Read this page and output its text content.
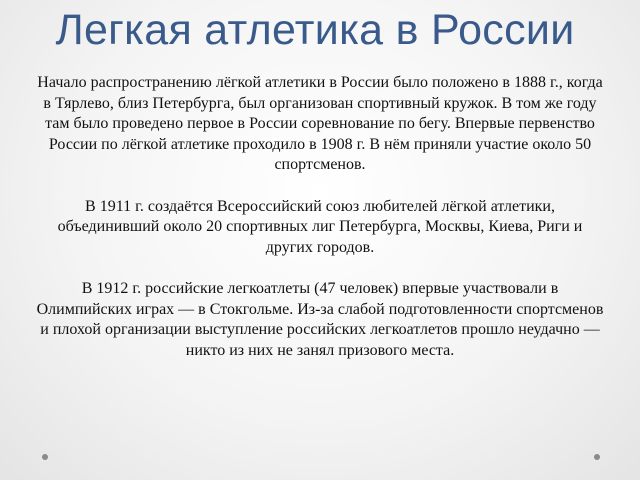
Легкая атлетика в России

Начало распространению лёгкой атлетики в России было положено в 1888 г., когда в Тярлево, близ Петербурга, был организован спортивный кружок. В том же году там было проведено первое в России соревнование по бегу. Впервые первенство России по лёгкой атлетике проходило в 1908 г. В нём приняли участие около 50 спортсменов.

В 1911 г. создаётся Всероссийский союз любителей лёгкой атлетики, объединивший около 20 спортивных лиг Петербурга, Москвы, Киева, Риги и других городов.

В 1912 г. российские легкоатлеты (47 человек) впервые участвовали в Олимпийских играх — в Стокгольме. Из-за слабой подготовленности спортсменов и плохой организации выступление российских легкоатлетов прошло неудачно — никто из них не занял призового места.
